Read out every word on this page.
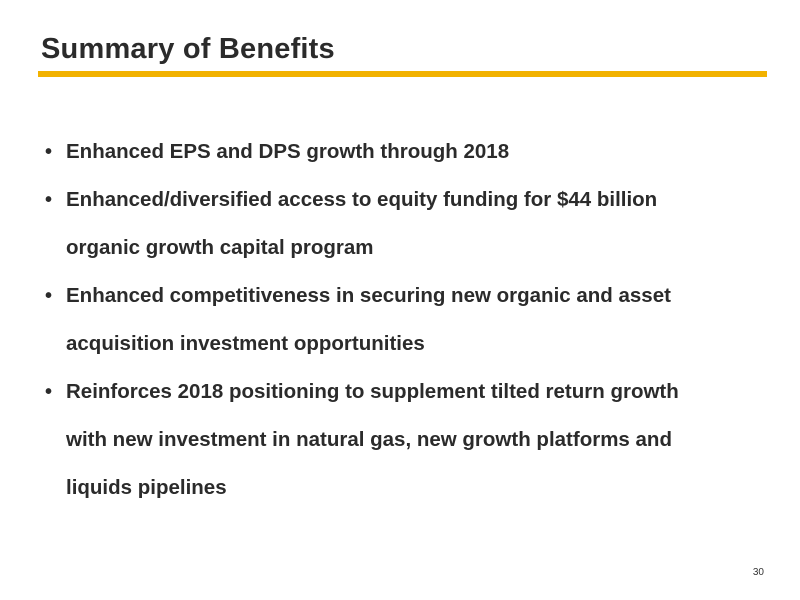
Summary of Benefits
• Enhanced EPS and DPS growth through 2018
• Enhanced/diversified access to equity funding for $44 billion
organic growth capital program
• Enhanced competitiveness in securing new organic and asset
acquisition investment opportunities
• Reinforces 2018 positioning to supplement tilted return growth
with new investment in natural gas, new growth platforms and
liquids pipelines
30
